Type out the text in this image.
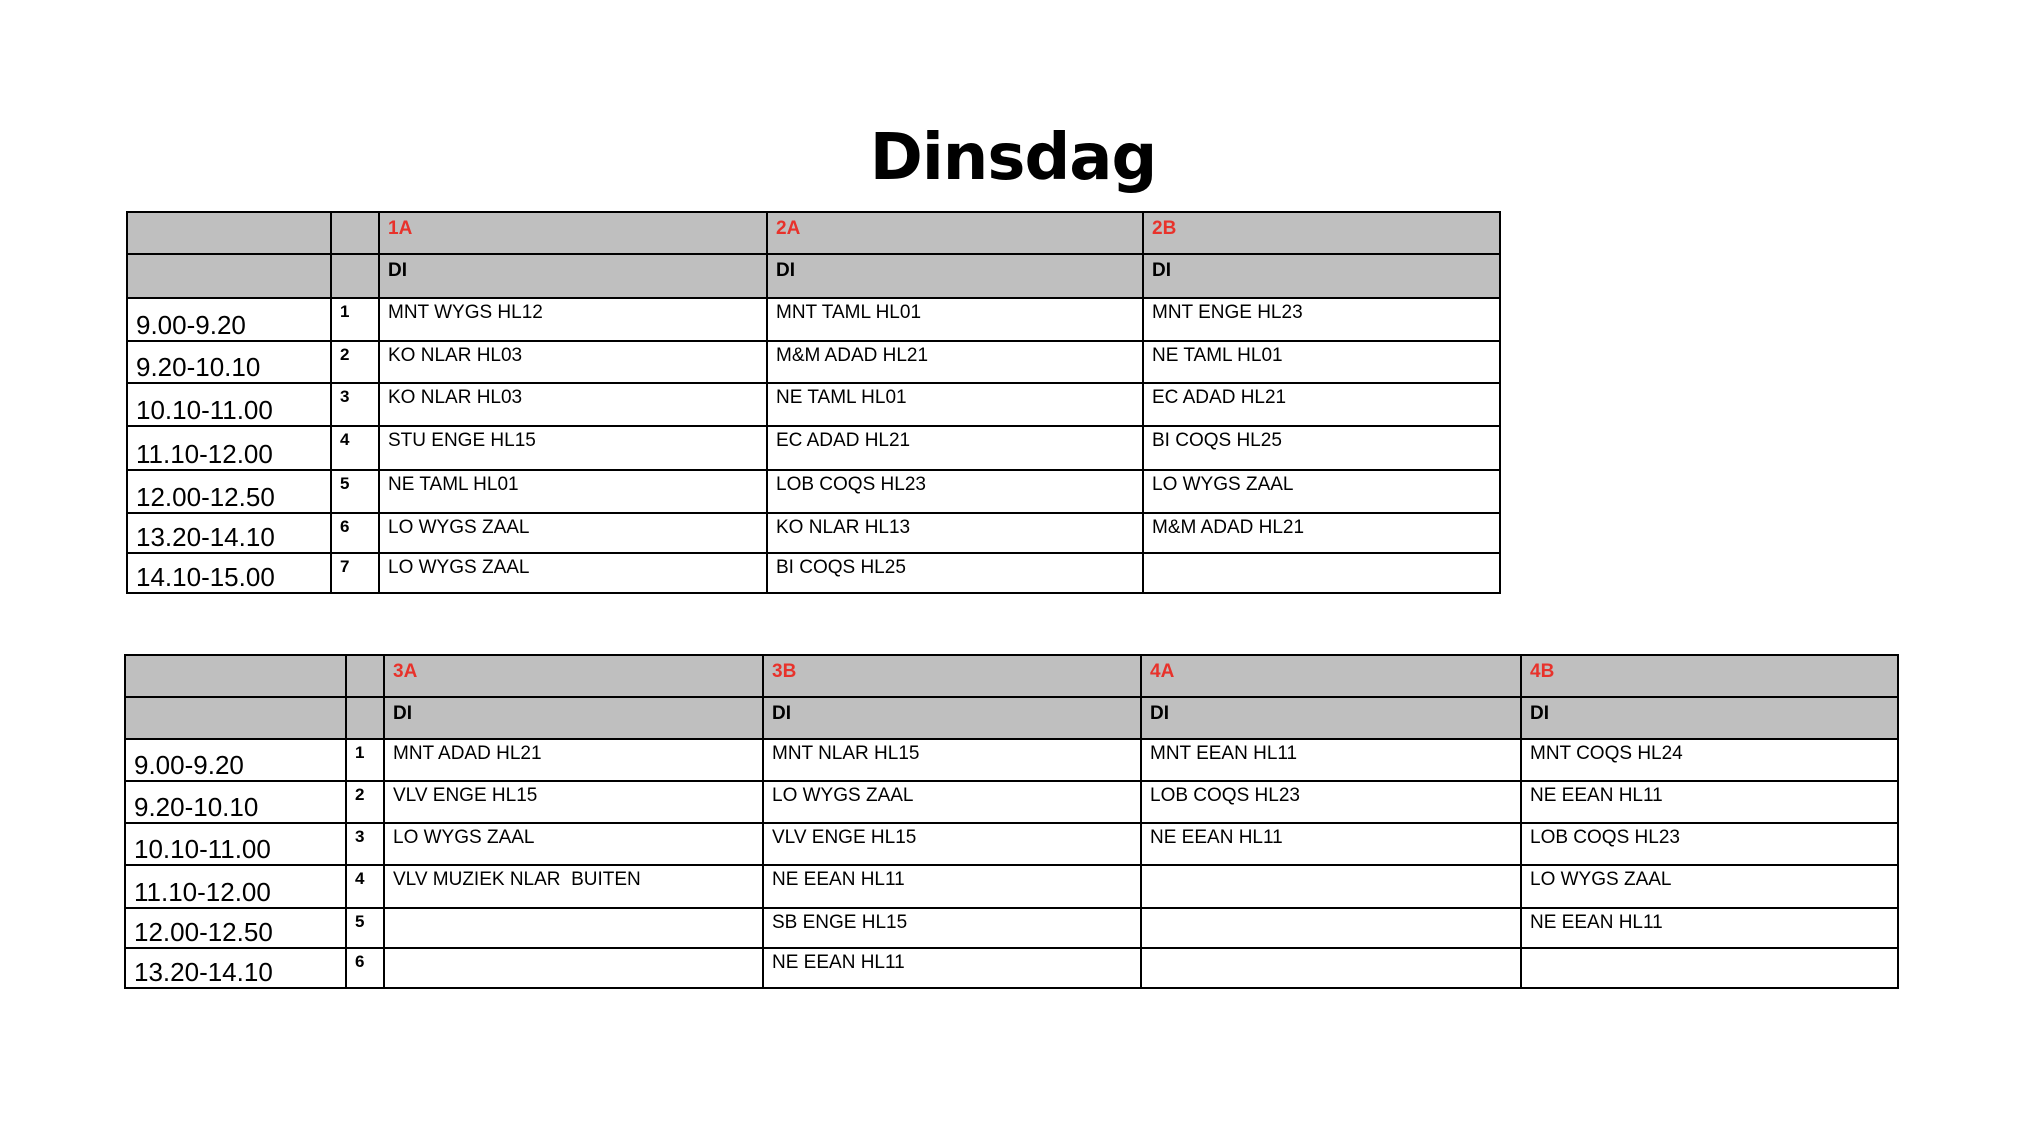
Dinsdag
		1A	2A	2B
		DI	DI	DI
9.00-9.20	1	MNT WYGS HL12	MNT TAML HL01	MNT ENGE HL23
9.20-10.10	2	KO NLAR HL03	M&M ADAD HL21	NE TAML HL01
10.10-11.00	3	KO NLAR HL03	NE TAML HL01	EC ADAD HL21
11.10-12.00	4	STU ENGE HL15	EC ADAD HL21	BI COQS HL25
12.00-12.50	5	NE TAML HL01	LOB COQS HL23	LO WYGS ZAAL
13.20-14.10	6	LO WYGS ZAAL	KO NLAR HL13	M&M ADAD HL21
14.10-15.00	7	LO WYGS ZAAL	BI COQS HL25	
		3A	3B	4A	4B
		DI	DI	DI	DI
9.00-9.20	1	MNT ADAD HL21	MNT NLAR HL15	MNT EEAN HL11	MNT COQS HL24
9.20-10.10	2	VLV ENGE HL15	LO WYGS ZAAL	LOB COQS HL23	NE EEAN HL11
10.10-11.00	3	LO WYGS ZAAL	VLV ENGE HL15	NE EEAN HL11	LOB COQS HL23
11.10-12.00	4	VLV MUZIEK NLAR  BUITEN	NE EEAN HL11		LO WYGS ZAAL
12.00-12.50	5		SB ENGE HL15		NE EEAN HL11
13.20-14.10	6		NE EEAN HL11		
